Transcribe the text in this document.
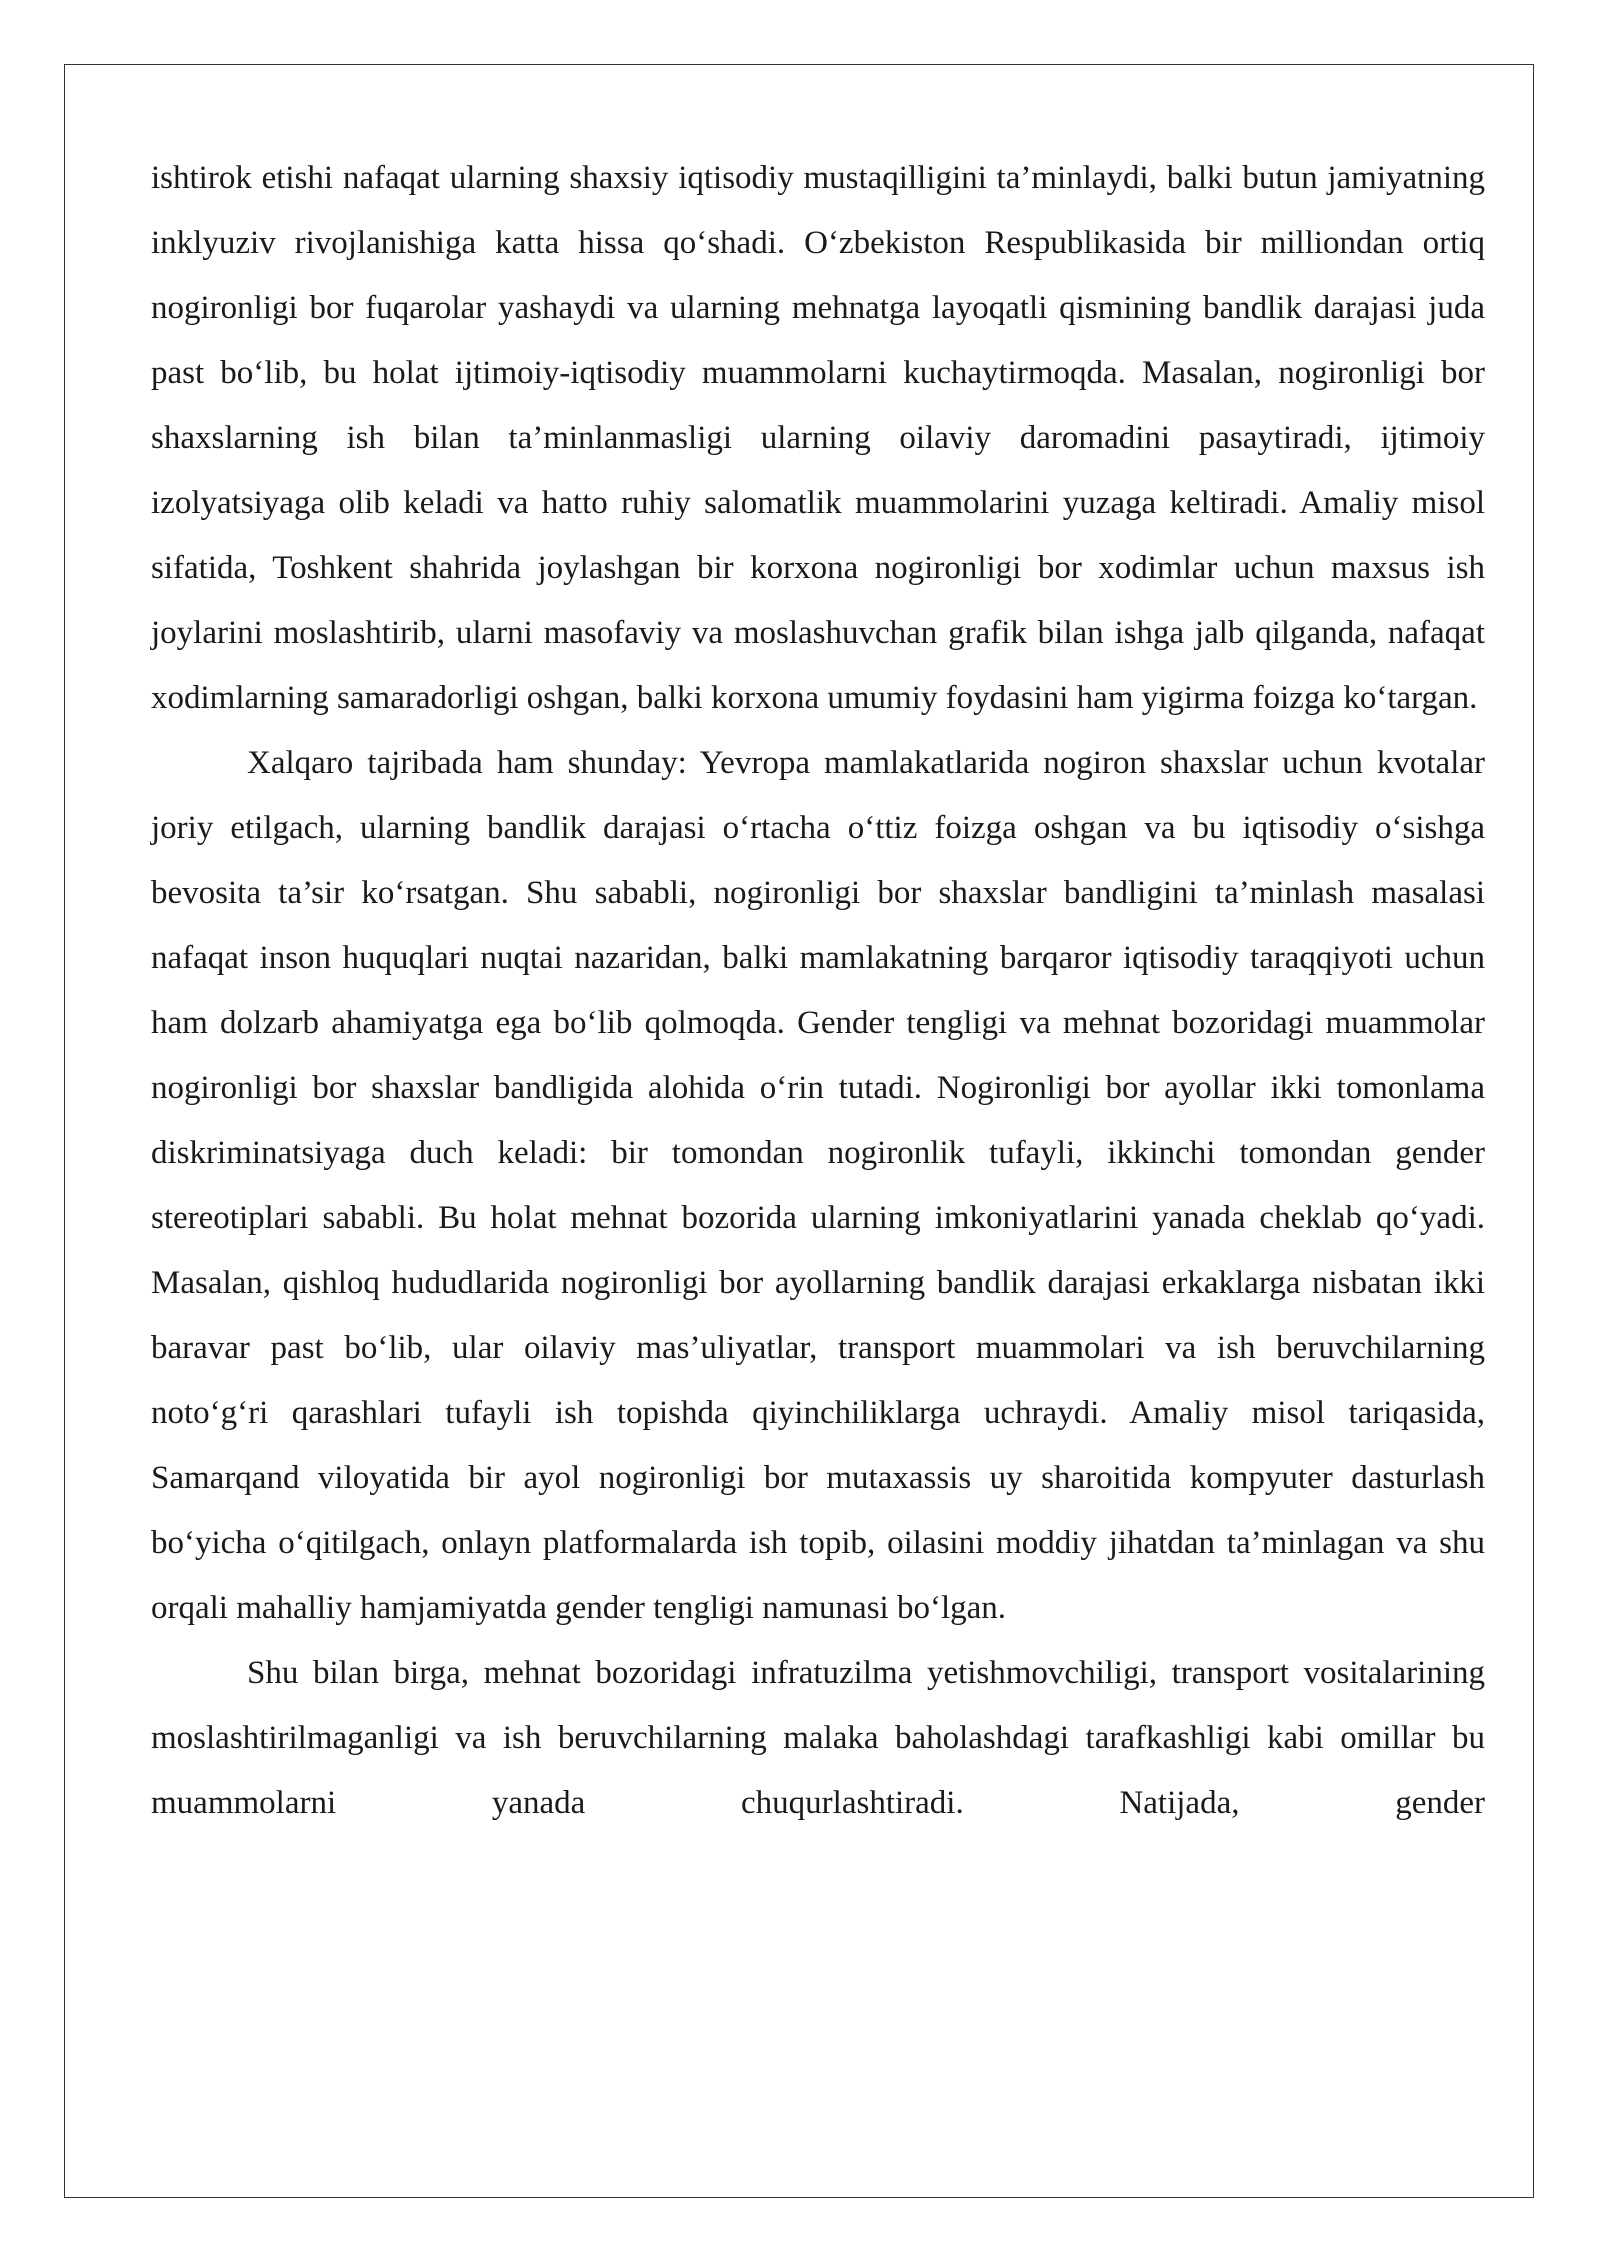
ishtirok etishi nafaqat ularning shaxsiy iqtisodiy mustaqilligini ta’minlaydi, balki butun jamiyatning inklyuziv rivojlanishiga katta hissa qo‘shadi. O‘zbekiston Respublikasida bir milliondan ortiq nogironligi bor fuqarolar yashaydi va ularning mehnatga layoqatli qismining bandlik darajasi juda past bo‘lib, bu holat ijtimoiy-iqtisodiy muammolarni kuchaytirmoqda. Masalan, nogironligi bor shaxslarning ish bilan ta’minlanmasligi ularning oilaviy daromadini pasaytiradi, ijtimoiy izolyatsiyaga olib keladi va hatto ruhiy salomatlik muammolarini yuzaga keltiradi. Amaliy misol sifatida, Toshkent shahrida joylashgan bir korxona nogironligi bor xodimlar uchun maxsus ish joylarini moslashtirib, ularni masofaviy va moslashuvchan grafik bilan ishga jalb qilganda, nafaqat xodimlarning samaradorligi oshgan, balki korxona umumiy foydasini ham yigirma foizga ko‘targan.

Xalqaro tajribada ham shunday: Yevropa mamlakatlarida nogiron shaxslar uchun kvotalar joriy etilgach, ularning bandlik darajasi o‘rtacha o‘ttiz foizga oshgan va bu iqtisodiy o‘sishga bevosita ta’sir ko‘rsatgan. Shu sababli, nogironligi bor shaxslar bandligini ta’minlash masalasi nafaqat inson huquqlari nuqtai nazaridan, balki mamlakatning barqaror iqtisodiy taraqqiyoti uchun ham dolzarb ahamiyatga ega bo‘lib qolmoqda. Gender tengligi va mehnat bozoridagi muammolar nogironligi bor shaxslar bandligida alohida o‘rin tutadi. Nogironligi bor ayollar ikki tomonlama diskriminatsiyaga duch keladi: bir tomondan nogironlik tufayli, ikkinchi tomondan gender stereotiplari sababli. Bu holat mehnat bozorida ularning imkoniyatlarini yanada cheklab qo‘yadi. Masalan, qishloq hududlarida nogironligi bor ayollarning bandlik darajasi erkaklarga nisbatan ikki baravar past bo‘lib, ular oilaviy mas’uliyatlar, transport muammolari va ish beruvchilarning noto‘g‘ri qarashlari tufayli ish topishda qiyinchiliklarga uchraydi. Amaliy misol tariqasida, Samarqand viloyatida bir ayol nogironligi bor mutaxassis uy sharoitida kompyuter dasturlash bo‘yicha o‘qitilgach, onlayn platformalarda ish topib, oilasini moddiy jihatdan ta’minlagan va shu orqali mahalliy hamjamiyatda gender tengligi namunasi bo‘lgan.

Shu bilan birga, mehnat bozoridagi infratuzilma yetishmovchiligi, transport vositalarining moslashtirilmaganligi va ish beruvchilarning malaka baholashdagi tarafkashligi kabi omillar bu muammolarni yanada chuqurlashtiradi. Natijada, gender
